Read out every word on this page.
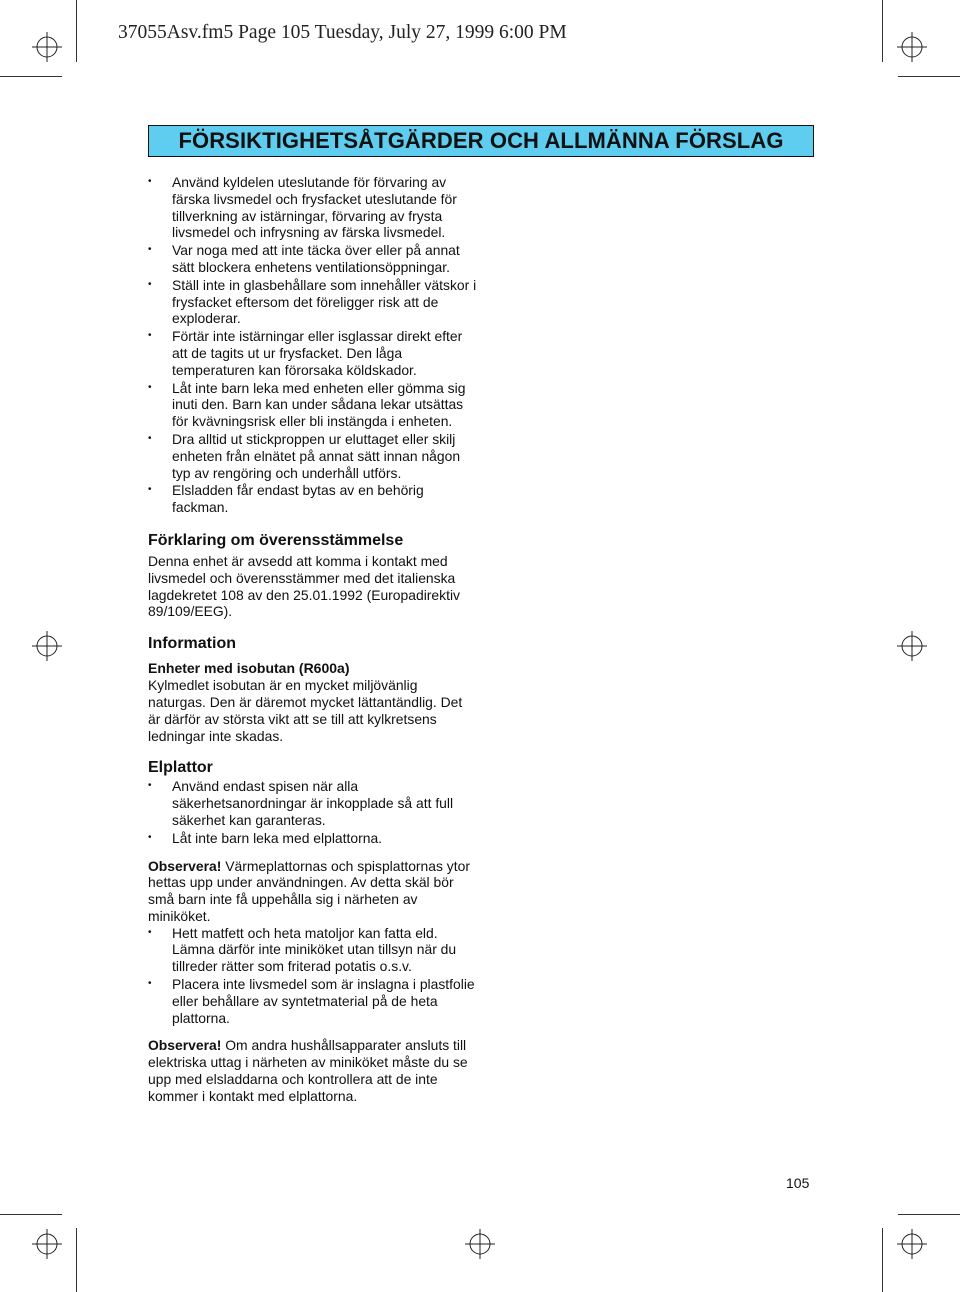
37055Asv.fm5 Page 105 Tuesday, July 27, 1999 6:00 PM
FÖRSIKTIGHETSÅTGÄRDER OCH ALLMÄNNA FÖRSLAG
• Använd kyldelen uteslutande för förvaring av färska livsmedel och frysfacket uteslutande för tillverkning av istärningar, förvaring av frysta livsmedel och infrysning av färska livsmedel.
• Var noga med att inte täcka över eller på annat sätt blockera enhetens ventilationsöppningar.
• Ställ inte in glasbehållare som innehåller vätskor i frysfacket eftersom det föreligger risk att de exploderar.
• Förtär inte istärningar eller isglassar direkt efter att de tagits ut ur frysfacket. Den låga temperaturen kan förorsaka köldskador.
• Låt inte barn leka med enheten eller gömma sig inuti den. Barn kan under sådana lekar utsättas för kvävningsrisk eller bli instängda i enheten.
• Dra alltid ut stickproppen ur eluttaget eller skilj enheten från elnätet på annat sätt innan någon typ av rengöring och underhåll utförs.
• Elsladden får endast bytas av en behörig fackman.
Förklaring om överensstämmelse

Denna enhet är avsedd att komma i kontakt med livsmedel och överensstämmer med det italienska lagdekretet 108 av den 25.01.1992 (Europadirektiv 89/109/EEG).

Information
Enheter med isobutan (R600a)

Kylmedlet isobutan är en mycket miljövänlig naturgas. Den är däremot mycket lättantändlig. Det är därför av största vikt att se till att kylkretsens ledningar inte skadas.

Elplattor
• Använd endast spisen när alla säkerhetsanordningar är inkopplade så att full säkerhet kan garanteras.
• Låt inte barn leka med elplattorna.

Observera! Värmeplattornas och spisplattornas ytor hettas upp under användningen. Av detta skäl bör små barn inte få uppehålla sig i närheten av miniköket.

• Hett matfett och heta matoljor kan fatta eld. Lämna därför inte miniköket utan tillsyn när du tillreder rätter som friterad potatis o.s.v.
• Placera inte livsmedel som är inslagna i plastfolie eller behållare av syntetmaterial på de heta plattorna.

Observera! Om andra hushållsapparater ansluts till elektriska uttag i närheten av miniköket måste du se upp med elsladdarna och kontrollera att de inte kommer i kontakt med elplattorna.

105
